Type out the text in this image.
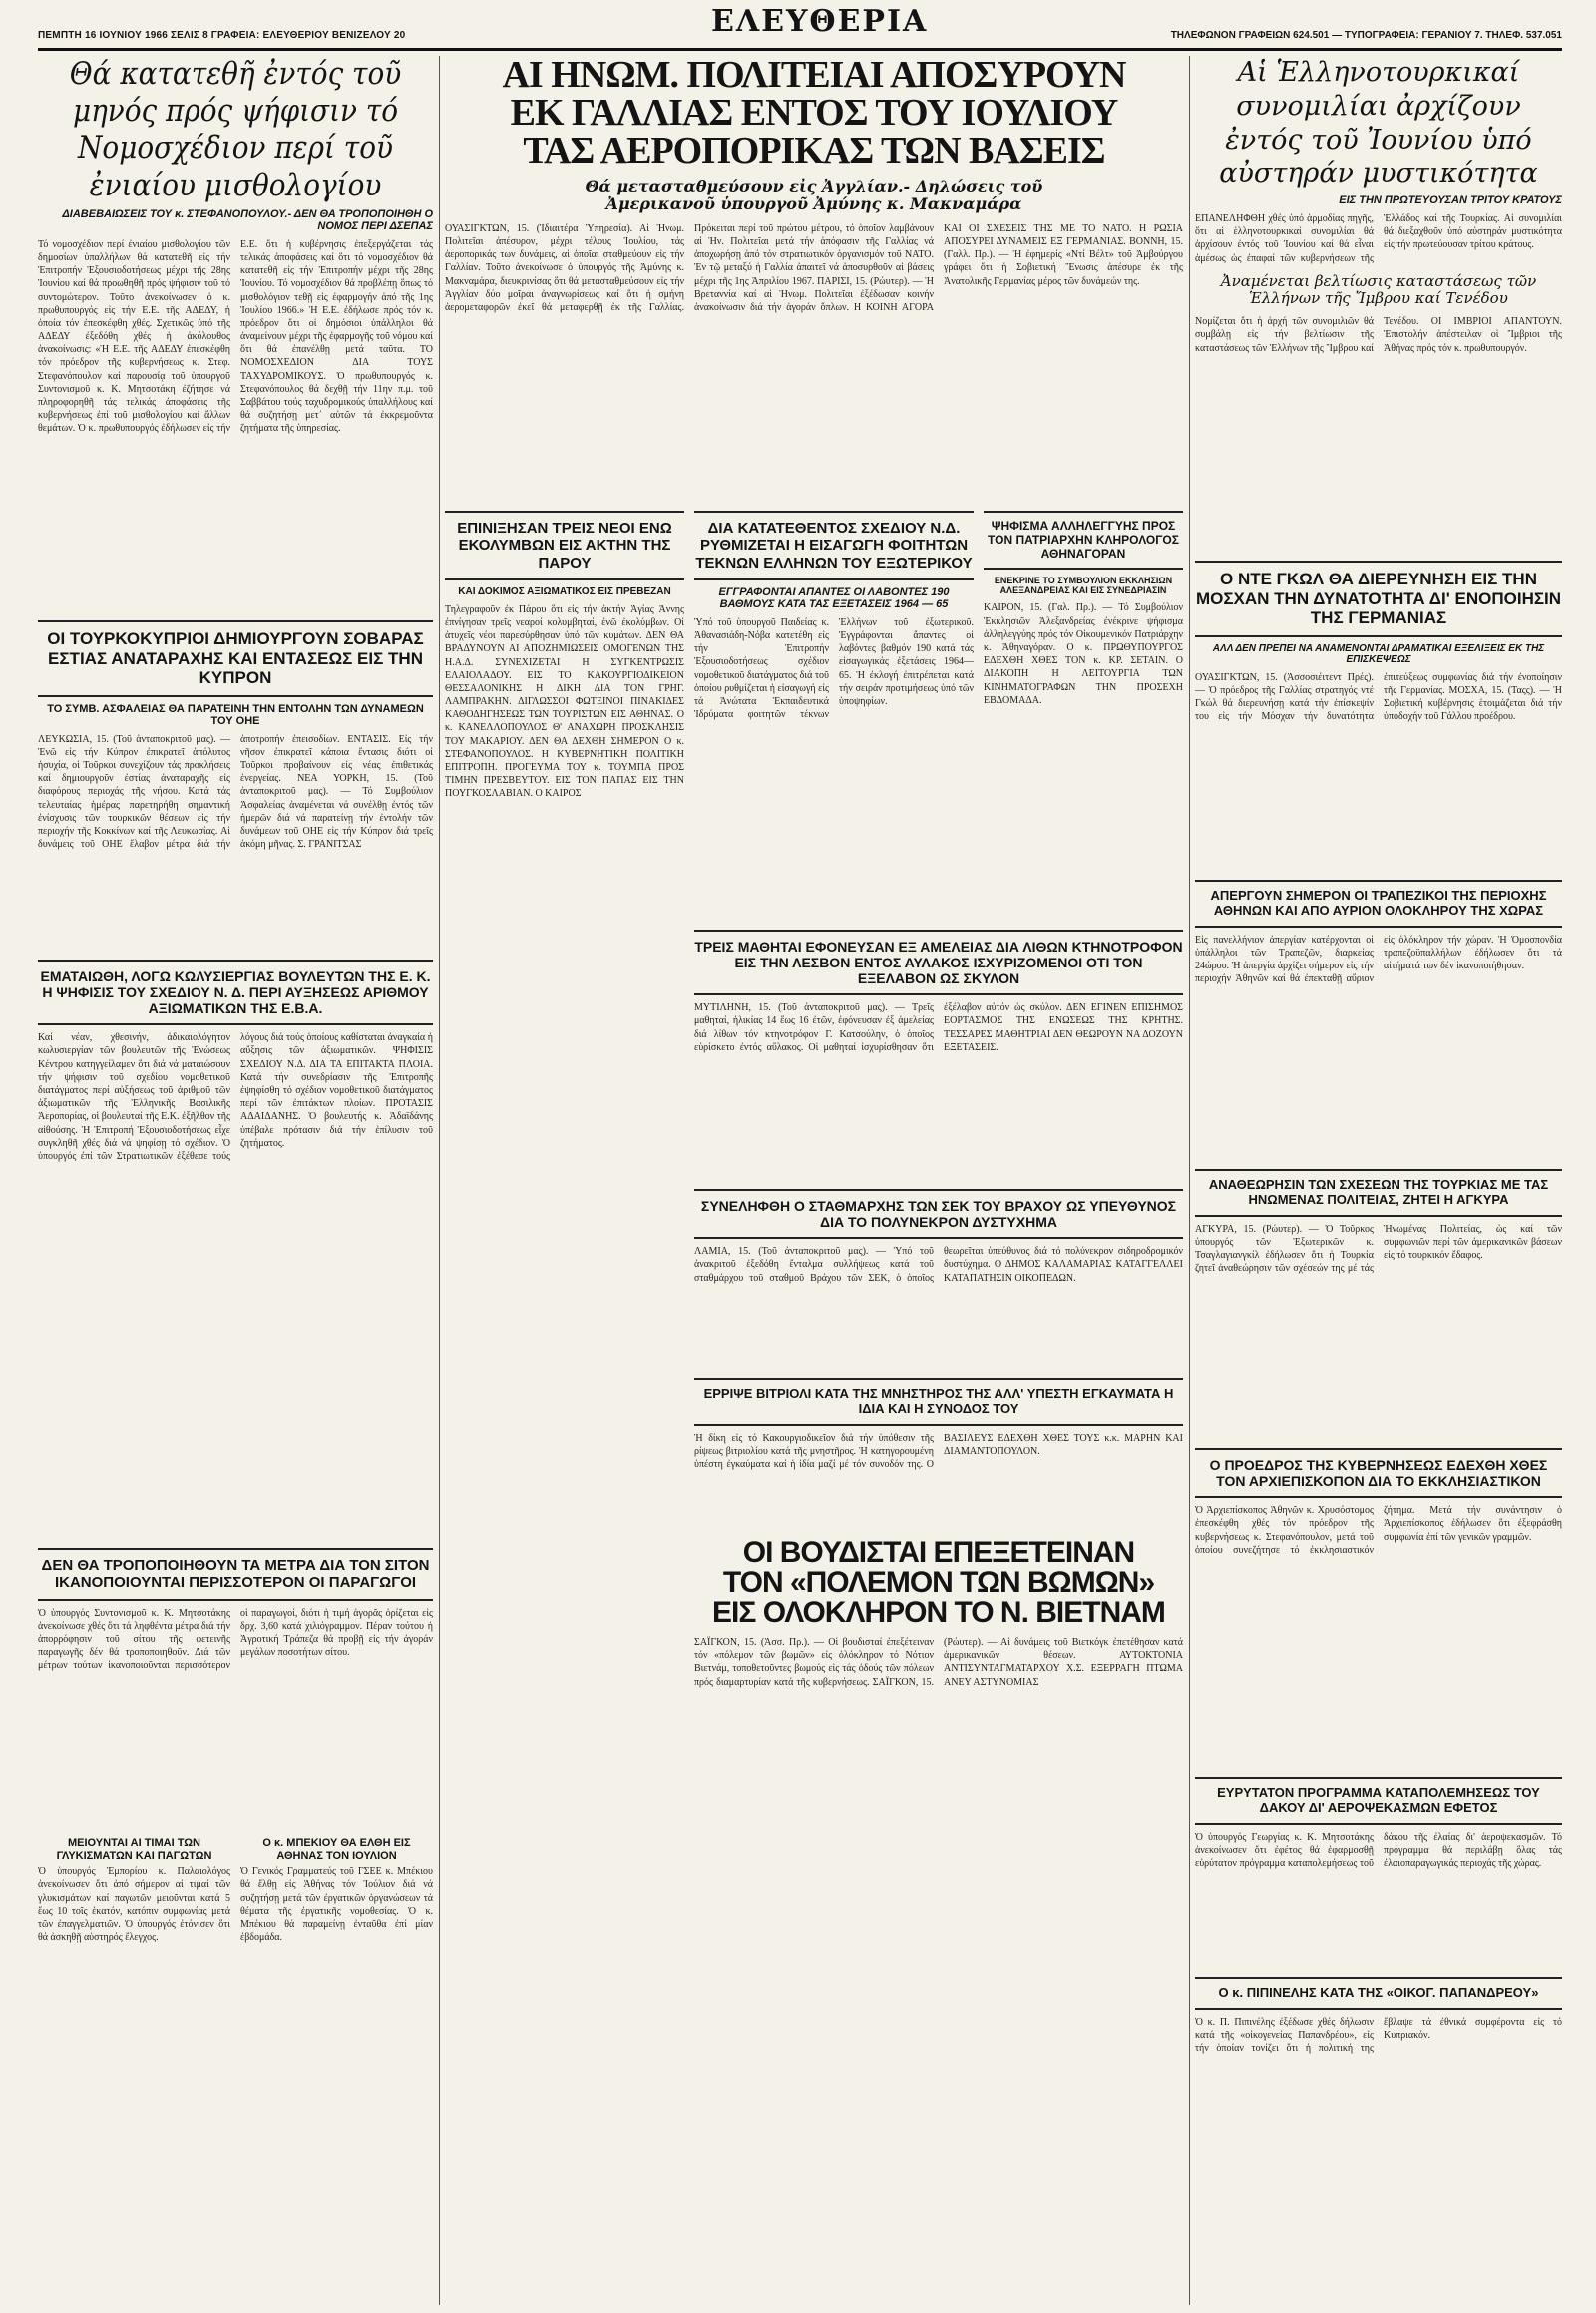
ΠΕΜΠΤΗ 16 ΙΟΥΝΙΟΥ 1966 ΣΕΛΙΣ 8 ΓΡΑΦΕΙΑ: ΕΛΕΥΘΕΡΙΟΥ ΒΕΝΙΖΕΛΟΥ 20	ΕΛΕΥΘΕΡΙΑ	ΤΗΛΕΦΩΝΟΝ ΓΡΑΦΕΙΩΝ 624.501 — ΤΥΠΟΓΡΑΦΕΙΑ: ΓΕΡΑΝΙΟΥ 7. ΤΗΛΕΦ. 537.051
Θά κατατεθῆ ἐντός τοῦ μηνός πρός ψήφισιν τό Νομοσχέδιον περί τοῦ ἐνιαίου μισθολογίου
ΔΙΑΒΕΒΑΙΩΣΕΙΣ ΤΟΥ κ. ΣΤΕΦΑΝΟΠΟΥΛΟΥ.- ΔΕΝ ΘΑ ΤΡΟΠΟΠΟΙΗΘΗ Ο ΝΟΜΟΣ ΠΕΡΙ ΔΣΕΠΑΣ
Τό νομοσχέδιον περί ἐνιαίου μισθολογίου τῶν δημοσίων ὑπαλλήλων θά κατατεθῆ εἰς τήν Ἐπιτροπήν Ἐξουσιοδοτήσεως μέχρι τῆς 28ης Ἰουνίου καί θά προωθηθῆ πρός ψήφισιν τοῦ τό συντομώτερον. Τοῦτο ἀνεκοίνωσεν ὁ κ. πρωθυπουργός εἰς τήν Ε.Ε. τῆς ΑΔΕΔΥ, ἡ ὁποία τόν ἐπεσκέφθη χθές. Σχετικῶς ὑπό τῆς ΑΔΕΔΥ ἐξεδόθη χθές ἡ ἀκόλουθος ἀνακοίνωσις: «Ἡ Ε.Ε. τῆς ΑΔΕΔΥ ἐπεσκέφθη τόν πρόεδρον τῆς κυβερνήσεως κ. Στεφ. Στεφανόπουλον καί παρουσίᾳ τοῦ ὑπουργοῦ Συντονισμοῦ κ. Κ. Μητσοτάκη ἐζήτησε νά πληροφορηθῆ τάς τελικάς ἀποφάσεις τῆς κυβερνήσεως ἐπί τοῦ μισθολογίου καί ἄλλων θεμάτων. Ὁ κ. πρωθυπουργός ἐδήλωσεν εἰς τήν Ε.Ε. ὅτι ἡ κυβέρνησις ἐπεξεργάζεται τάς τελικάς ἀποφάσεις καί ὅτι τό νομοσχέδιον θά κατατεθῆ εἰς τήν Ἐπιτροπήν μέχρι τῆς 28ης Ἰουνίου. Τό νομοσχέδιον θά προβλέπῃ ὅπως τό μισθολόγιον τεθῇ εἰς ἐφαρμογήν ἀπό τῆς 1ης Ἰουλίου 1966.» Ἡ Ε.Ε. ἐδήλωσε πρός τόν κ. πρόεδρον ὅτι οἱ δημόσιοι ὑπάλληλοι θά ἀναμείνουν μέχρι τῆς ἐφαρμογῆς τοῦ νόμου καί ὅτι θά ἐπανέλθῃ μετά ταῦτα. ΤΟ ΝΟΜΟΣΧΕΔΙΟΝ ΔΙΑ ΤΟΥΣ ΤΑΧΥΔΡΟΜΙΚΟΥΣ. Ὁ πρωθυπουργός κ. Στεφανόπουλος θά δεχθῇ τήν 11ην π.μ. τοῦ Σαββάτου τούς ταχυδρομικούς ὑπαλλήλους καί θά συζητήσῃ μετ᾿ αὐτῶν τά ἐκκρεμοῦντα ζητήματα τῆς ὑπηρεσίας.
ΟΙ ΤΟΥΡΚΟΚΥΠΡΙΟΙ ΔΗΜΙΟΥΡΓΟΥΝ ΣΟΒΑΡΑΣ ΕΣΤΙΑΣ ΑΝΑΤΑΡΑΧΗΣ ΚΑΙ ΕΝΤΑΣΕΩΣ ΕΙΣ ΤΗΝ ΚΥΠΡΟΝ
ΤΟ ΣΥΜΒ. ΑΣΦΑΛΕΙΑΣ ΘΑ ΠΑΡΑΤΕΙΝΗ ΤΗΝ ΕΝΤΟΛΗΝ ΤΩΝ ΔΥΝΑΜΕΩΝ ΤΟΥ ΟΗΕ
ΛΕΥΚΩΣΙΑ, 15. (Τοῦ ἀνταποκριτοῦ μας). — Ἐνῶ εἰς τήν Κύπρον ἐπικρατεῖ ἀπόλυτος ἡσυχία, οἱ Τοῦρκοι συνεχίζουν τάς προκλήσεις καί δημιουργοῦν ἐστίας ἀναταραχῆς εἰς διαφόρους περιοχάς τῆς νήσου. Κατά τάς τελευταίας ἡμέρας παρετηρήθη σημαντική ἐνίσχυσις τῶν τουρκικῶν θέσεων εἰς τήν περιοχήν τῆς Κοκκίνων καί τῆς Λευκωσίας. Αἱ δυνάμεις τοῦ ΟΗΕ ἔλαβον μέτρα διά τήν ἀποτροπήν ἐπεισοδίων. ΕΝΤΑΣΙΣ. Εἰς τήν νῆσον ἐπικρατεῖ κάποια ἔντασις διότι οἱ Τοῦρκοι προβαίνουν εἰς νέας ἐπιθετικάς ἐνεργείας. ΝΕΑ ΥΟΡΚΗ, 15. (Τοῦ ἀνταποκριτοῦ μας). — Τό Συμβούλιον Ἀσφαλείας ἀναμένεται νά συνέλθῃ ἐντός τῶν ἡμερῶν διά νά παρατείνῃ τήν ἐντολήν τῶν δυνάμεων τοῦ ΟΗΕ εἰς τήν Κύπρον διά τρεῖς ἀκόμη μῆνας. Σ. ΓΡΑΝΙΤΣΑΣ
ΕΜΑΤΑΙΩΘΗ, ΛΟΓΩ ΚΩΛΥΣΙΕΡΓΙΑΣ ΒΟΥΛΕΥΤΩΝ ΤΗΣ Ε. Κ. Η ΨΗΦΙΣΙΣ ΤΟΥ ΣΧΕΔΙΟΥ Ν. Δ. ΠΕΡΙ ΑΥΞΗΣΕΩΣ ΑΡΙΘΜΟΥ ΑΞΙΩΜΑΤΙΚΩΝ ΤΗΣ Ε.Β.Α.
Καί νέαν, χθεσινήν, ἀδικαιολόγητον κωλυσιεργίαν τῶν βουλευτῶν τῆς Ἐνώσεως Κέντρου κατηγγείλαμεν ὅτι διά νά ματαιώσουν τήν ψήφισιν τοῦ σχεδίου νομοθετικοῦ διατάγματος περί αὐξήσεως τοῦ ἀριθμοῦ τῶν ἀξιωματικῶν τῆς Ἑλληνικῆς Βασιλικῆς Ἀεροπορίας, οἱ βουλευταί τῆς Ε.Κ. ἐξῆλθον τῆς αἰθούσης. Ἡ Ἐπιτροπή Ἐξουσιοδοτήσεως εἶχε συγκληθῆ χθές διά νά ψηφίσῃ τό σχέδιον. Ὁ ὑπουργός ἐπί τῶν Στρατιωτικῶν ἐξέθεσε τούς λόγους διά τούς ὁποίους καθίσταται ἀναγκαία ἡ αὔξησις τῶν ἀξιωματικῶν. ΨΗΦΙΣΙΣ ΣΧΕΔΙΟΥ Ν.Δ. ΔΙΑ ΤΑ ΕΠΙΤΑΚΤΑ ΠΛΟΙΑ. Κατά τήν συνεδρίασιν τῆς Ἐπιτροπῆς ἐψηφίσθη τό σχέδιον νομοθετικοῦ διατάγματος περί τῶν ἐπιτάκτων πλοίων. ΠΡΟΤΑΣΙΣ ΑΔΑΙΔΑΝΗΣ. Ὁ βουλευτής κ. Ἀδαϊδάνης ὑπέβαλε πρότασιν διά τήν ἐπίλυσιν τοῦ ζητήματος.
ΔΕΝ ΘΑ ΤΡΟΠΟΠΟΙΗΘΟΥΝ ΤΑ ΜΕΤΡΑ ΔΙΑ ΤΟΝ ΣΙΤΟΝ ΙΚΑΝΟΠΟΙΟΥΝΤΑΙ ΠΕΡΙΣΣΟΤΕΡΟΝ ΟΙ ΠΑΡΑΓΩΓΟΙ
Ὁ ὑπουργός Συντονισμοῦ κ. Κ. Μητσοτάκης ἀνεκοίνωσε χθές ὅτι τά ληφθέντα μέτρα διά τήν ἀπορρόφησιν τοῦ σίτου τῆς φετεινῆς παραγωγῆς δέν θά τροποποιηθοῦν. Διά τῶν μέτρων τούτων ἱκανοποιοῦνται περισσότερον οἱ παραγωγοί, διότι ἡ τιμή ἀγορᾶς ὁρίζεται εἰς δρχ. 3,60 κατά χιλιόγραμμον. Πέραν τούτου ἡ Ἀγροτική Τράπεζα θά προβῇ εἰς τήν ἀγοράν μεγάλων ποσοτήτων σίτου.
ΜΕΙΟΥΝΤΑΙ ΑΙ ΤΙΜΑΙ ΤΩΝ ΓΛΥΚΙΣΜΑΤΩΝ ΚΑΙ ΠΑΓΩΤΩΝ
Ὁ ὑπουργός Ἐμπορίου κ. Παλαιολόγος ἀνεκοίνωσεν ὅτι ἀπό σήμερον αἱ τιμαί τῶν γλυκισμάτων καί παγωτῶν μειοῦνται κατά 5 ἕως 10 τοῖς ἑκατόν, κατόπιν συμφωνίας μετά τῶν ἐπαγγελματιῶν. Ὁ ὑπουργός ἐτόνισεν ὅτι θά ἀσκηθῇ αὐστηρός ἔλεγχος.
Ο κ. ΜΠΕΚΙΟΥ ΘΑ ΕΛΘΗ ΕΙΣ ΑΘΗΝΑΣ ΤΟΝ ΙΟΥΛΙΟΝ
Ὁ Γενικός Γραμματεύς τοῦ ΓΣΕΕ κ. Μπέκιου θά ἔλθῃ εἰς Ἀθήνας τόν Ἰούλιον διά νά συζητήσῃ μετά τῶν ἐργατικῶν ὀργανώσεων τά θέματα τῆς ἐργατικῆς νομοθεσίας. Ὁ κ. Μπέκιου θά παραμείνῃ ἐνταῦθα ἐπί μίαν ἑβδομάδα.
ΑΙ ΗΝΩΜ. ΠΟΛΙΤΕΙΑΙ ΑΠΟΣΥΡΟΥΝ
ΕΚ ΓΑΛΛΙΑΣ ΕΝΤΟΣ ΤΟΥ ΙΟΥΛΙΟΥ
ΤΑΣ ΑΕΡΟΠΟΡΙΚΑΣ ΤΩΝ ΒΑΣΕΙΣ
Θά μετασταθμεύσουν εἰς Ἀγγλίαν.- Δηλώσεις τοῦ
Ἀμερικανοῦ ὑπουργοῦ Ἀμύνης κ. Μακναμάρα
ΟΥΑΣΙΓΚΤΩΝ, 15. (Ἰδιαιτέρα Ὑπηρεσία). Αἱ Ἡνωμ. Πολιτεῖαι ἀπέσυρον, μέχρι τέλους Ἰουλίου, τάς ἀεροπορικάς των δυνάμεις, αἱ ὁποῖαι σταθμεύουν εἰς τήν Γαλλίαν. Τοῦτο ἀνεκοίνωσε ὁ ὑπουργός τῆς Ἀμύνης κ. Μακναμάρα, διευκρινίσας ὅτι θά μετασταθμεύσουν εἰς τήν Ἀγγλίαν δύο μοῖραι ἀναγνωρίσεως καί ὅτι ἡ σμήνη ἀερομεταφορῶν ἐκεῖ θά μεταφερθῇ ἐκ τῆς Γαλλίας. Πρόκειται περί τοῦ πρώτου μέτρου, τό ὁποῖον λαμβάνουν αἱ Ἡν. Πολιτεῖαι μετά τήν ἀπόφασιν τῆς Γαλλίας νά ἀποχωρήσῃ ἀπό τόν στρατιωτικόν ὀργανισμόν τοῦ ΝΑΤΟ. Ἐν τῷ μεταξύ ἡ Γαλλία ἀπαιτεῖ νά ἀποσυρθοῦν αἱ βάσεις μέχρι τῆς 1ης Ἀπριλίου 1967. ΠΑΡΙΣΙ, 15. (Ρώυτερ). — Ἡ Βρεταννία καί αἱ Ἡνωμ. Πολιτεῖαι ἐξέδωσαν κοινήν ἀνακοίνωσιν διά τήν ἀγοράν ὅπλων. Η ΚΟΙΝΗ ΑΓΟΡΑ ΚΑΙ ΟΙ ΣΧΕΣΕΙΣ ΤΗΣ ΜΕ ΤΟ ΝΑΤΟ. Η ΡΩΣΙΑ ΑΠΟΣΥΡΕΙ ΔΥΝΑΜΕΙΣ ΕΞ ΓΕΡΜΑΝΙΑΣ. ΒΟΝΝΗ, 15. (Γαλλ. Πρ.). — Ἡ ἐφημερίς «Ντί Βέλτ» τοῦ Ἀμβούργου γράφει ὅτι ἡ Σοβιετική Ἕνωσις ἀπέσυρε ἐκ τῆς Ἀνατολικῆς Γερμανίας μέρος τῶν δυνάμεών της.
ΕΠΙΝΙΞΗΣΑΝ ΤΡΕΙΣ ΝΕΟΙ ΕΝΩ ΕΚΟΛΥΜΒΩΝ ΕΙΣ ΑΚΤΗΝ ΤΗΣ ΠΑΡΟΥ
ΚΑΙ ΔΟΚΙΜΟΣ ΑΞΙΩΜΑΤΙΚΟΣ ΕΙΣ ΠΡΕΒΕΖΑΝ
Τηλεγραφοῦν ἐκ Πάρου ὅτι εἰς τήν ἀκτήν Ἁγίας Ἀννης ἐπνίγησαν τρεῖς νεαροί κολυμβηταί, ἐνῶ ἐκολύμβων. Οἱ ἀτυχεῖς νέοι παρεσύρθησαν ὑπό τῶν κυμάτων. ΔΕΝ ΘΑ ΒΡΑΔΥΝΟΥΝ ΑΙ ΑΠΟΖΗΜΙΩΣΕΙΣ ΟΜΟΓΕΝΩΝ ΤΗΣ Η.Α.Δ. ΣΥΝΕΧΙΖΕΤΑΙ Η ΣΥΓΚΕΝΤΡΩΣΙΣ ΕΛΑΙΟΛΑΔΟΥ. ΕΙΣ ΤΟ ΚΑΚΟΥΡΓΙΟΔΙΚΕΙΟΝ ΘΕΣΣΑΛΟΝΙΚΗΣ Η ΔΙΚΗ ΔΙΑ ΤΟΝ ΓΡΗΓ. ΛΑΜΠΡΑΚΗΝ. ΔΙΓΛΩΣΣΟΙ ΦΩΤΕΙΝΟΙ ΠΙΝΑΚΙΔΕΣ ΚΑΘΟΔΗΓΗΣΕΩΣ ΤΩΝ ΤΟΥΡΙΣΤΩΝ ΕΙΣ ΑΘΗΝΑΣ. Ο κ. ΚΑΝΕΛΛΟΠΟΥΛΟΣ Θ' ΑΝΑΧΩΡΗ ΠΡΟΣΚΛΗΣΙΣ ΤΟΥ ΜΑΚΑΡΙΟΥ. ΔΕΝ ΘΑ ΔΕΧΘΗ ΣΗΜΕΡΟΝ Ο κ. ΣΤΕΦΑΝΟΠΟΥΛΟΣ. Η ΚΥΒΕΡΝΗΤΙΚΗ ΠΟΛΙΤΙΚΗ ΕΠΙΤΡΟΠΗ. ΠΡΟΓΕΥΜΑ ΤΟΥ κ. ΤΟΥΜΠΑ ΠΡΟΣ ΤΙΜΗΝ ΠΡΕΣΒΕΥΤΟΥ. ΕΙΣ ΤΟΝ ΠΑΠΑΣ ΕΙΣ ΤΗΝ ΠΟΥΓΚΟΣΛΑΒΙΑΝ. Ο ΚΑΙΡΟΣ
ΔΙΑ ΚΑΤΑΤΕΘΕΝΤΟΣ ΣΧΕΔΙΟΥ Ν.Δ. ΡΥΘΜΙΖΕΤΑΙ Η ΕΙΣΑΓΩΓΗ ΦΟΙΤΗΤΩΝ ΤΕΚΝΩΝ ΕΛΛΗΝΩΝ ΤΟΥ ΕΞΩΤΕΡΙΚΟΥ
ΕΓΓΡΑΦΟΝΤΑΙ ΑΠΑΝΤΕΣ ΟΙ ΛΑΒΟΝΤΕΣ 190 ΒΑΘΜΟΥΣ ΚΑΤΑ ΤΑΣ ΕΞΕΤΑΣΕΙΣ 1964 — 65
Ὑπό τοῦ ὑπουργοῦ Παιδείας κ. Ἀθανασιάδη-Νόβα κατετέθη εἰς τήν Ἐπιτροπήν Ἐξουσιοδοτήσεως σχέδιον νομοθετικοῦ διατάγματος διά τοῦ ὁποίου ρυθμίζεται ἡ εἰσαγωγή εἰς τά Ἀνώτατα Ἐκπαιδευτικά Ἱδρύματα φοιτητῶν τέκνων Ἑλλήνων τοῦ ἐξωτερικοῦ. Ἐγγράφονται ἅπαντες οἱ λαβόντες βαθμόν 190 κατά τάς εἰσαγωγικάς ἐξετάσεις 1964—65. Ἡ ἐκλογή ἐπιτρέπεται κατά τήν σειράν προτιμήσεως ὑπό τῶν ὑποψηφίων.
ΨΗΦΙΣΜΑ ΑΛΛΗΛΕΓΓΥΗΣ ΠΡΟΣ ΤΟΝ ΠΑΤΡΙΑΡΧΗΝ ΚΛΗΡΟΛΟΓΟΣ ΑΘΗΝΑΓΟΡΑΝ
ΕΝΕΚΡΙΝΕ ΤΟ ΣΥΜΒΟΥΛΙΟΝ ΕΚΚΛΗΣΙΩΝ ΑΛΕΞΑΝΔΡΕΙΑΣ ΚΑΙ ΕΙΣ ΣΥΝΕΔΡΙΑΣΙΝ
ΚΑΙΡΟΝ, 15. (Γαλ. Πρ.). — Τό Συμβούλιον Ἐκκλησιῶν Ἀλεξανδρείας ἐνέκρινε ψήφισμα ἀλληλεγγύης πρός τόν Οἰκουμενικόν Πατριάρχην κ. Ἀθηναγόραν. Ο κ. ΠΡΩΘΥΠΟΥΡΓΟΣ ΕΔΕΧΘΗ ΧΘΕΣ ΤΟΝ κ. ΚΡ. ΣΕΤΑΙΝ. Ο ΔΙΑΚΟΠΗ Η ΛΕΙΤΟΥΡΓΙΑ ΤΩΝ ΚΙΝΗΜΑΤΟΓΡΑΦΩΝ ΤΗΝ ΠΡΟΣΕΧΗ ΕΒΔΟΜΑΔΑ.
ΤΡΕΙΣ ΜΑΘΗΤΑΙ ΕΦΟΝΕΥΣΑΝ ΕΞ ΑΜΕΛΕΙΑΣ ΔΙΑ ΛΙΘΩΝ ΚΤΗΝΟΤΡΟΦΟΝ ΕΙΣ ΤΗΝ ΛΕΣΒΟΝ ΕΝΤΟΣ ΑΥΛΑΚΟΣ ΙΣΧΥΡΙΖΟΜΕΝΟΙ ΟΤΙ ΤΟΝ ΕΞΕΛΑΒΟΝ ΩΣ ΣΚΥΛΟΝ
ΜΥΤΙΛΗΝΗ, 15. (Τοῦ ἀνταποκριτοῦ μας). — Τρεῖς μαθηταί, ἡλικίας 14 ἕως 16 ἐτῶν, ἐφόνευσαν ἐξ ἀμελείας διά λίθων τόν κτηνοτρόφον Γ. Κατσούλην, ὁ ὁποῖος εὑρίσκετο ἐντός αὔλακος. Οἱ μαθηταί ἰσχυρίσθησαν ὅτι ἐξέλαβον αὐτόν ὡς σκύλον. ΔΕΝ ΕΓΙΝΕΝ ΕΠΙΣΗΜΟΣ ΕΟΡΤΑΣΜΟΣ ΤΗΣ ΕΝΩΣΕΩΣ ΤΗΣ ΚΡΗΤΗΣ. ΤΕΣΣΑΡΕΣ ΜΑΘΗΤΡΙΑΙ ΔΕΝ ΘΕΩΡΟΥΝ ΝΑ ΔΟΖΟΥΝ ΕΞΕΤΑΣΕΙΣ.
ΣΥΝΕΛΗΦΘΗ Ο ΣΤΑΘΜΑΡΧΗΣ ΤΩΝ ΣΕΚ ΤΟΥ ΒΡΑΧΟΥ ΩΣ ΥΠΕΥΘΥΝΟΣ ΔΙΑ ΤΟ ΠΟΛΥΝΕΚΡΟΝ ΔΥΣΤΥΧΗΜΑ
ΛΑΜΙΑ, 15. (Τοῦ ἀνταποκριτοῦ μας). — Ὑπό τοῦ ἀνακριτοῦ ἐξεδόθη ἔνταλμα συλλήψεως κατά τοῦ σταθμάρχου τοῦ σταθμοῦ Βράχου τῶν ΣΕΚ, ὁ ὁποῖος θεωρεῖται ὑπεύθυνος διά τό πολύνεκρον σιδηροδρομικόν δυστύχημα. Ο ΔΗΜΟΣ ΚΑΛΑΜΑΡΙΑΣ ΚΑΤΑΓΓΕΛΛΕΙ ΚΑΤΑΠΑΤΗΣΙΝ ΟΙΚΟΠΕΔΩΝ.
ΕΡΡΙΨΕ ΒΙΤΡΙΟΛΙ ΚΑΤΑ ΤΗΣ ΜΝΗΣΤΗΡΟΣ ΤΗΣ ΑΛΛ' ΥΠΕΣΤΗ ΕΓΚΑΥΜΑΤΑ Η ΙΔΙΑ ΚΑΙ Η ΣΥΝΟΔΟΣ ΤΟΥ
Ἡ δίκη εἰς τό Κακουργιοδικεῖον διά τήν ὑπόθεσιν τῆς ρίψεως βιτριολίου κατά τῆς μνηστῆρος. Ἡ κατηγορουμένη ὑπέστη ἐγκαύματα καί ἡ ἰδία μαζί μέ τόν συνοδόν της. Ο ΒΑΣΙΛΕΥΣ ΕΔΕΧΘΗ ΧΘΕΣ ΤΟΥΣ κ.κ. ΜΑΡΗΝ ΚΑΙ ΔΙΑΜΑΝΤΟΠΟΥΛΟΝ.
ΟΙ ΒΟΥΔΙΣΤΑΙ ΕΠΕΞΕΤΕΙΝΑΝ
ΤΟΝ «ΠΟΛΕΜΟΝ ΤΩΝ ΒΩΜΩΝ»
ΕΙΣ ΟΛΟΚΛΗΡΟΝ ΤΟ Ν. ΒΙΕΤΝΑΜ
ΣΑΪΓΚΟΝ, 15. (Ἀσσ. Πρ.). — Οἱ βουδισταί ἐπεξέτειναν τόν «πόλεμον τῶν βωμῶν» εἰς ὁλόκληρον τό Νότιον Βιετνάμ, τοποθετοῦντες βωμούς εἰς τάς ὁδούς τῶν πόλεων πρός διαμαρτυρίαν κατά τῆς κυβερνήσεως. ΣΑΪΓΚΟΝ, 15. (Ρώυτερ). — Αἱ δυνάμεις τοῦ Βιετκόγκ ἐπετέθησαν κατά ἀμερικανικῶν θέσεων. ΑΥΤΟΚΤΟΝΙΑ ΑΝΤΙΣΥΝΤΑΓΜΑΤΑΡΧΟΥ Χ.Σ. ΕΞΕΡΡΑΓΗ ΠΤΩΜΑ ΑΝΕΥ ΑΣΤΥΝΟΜΙΑΣ
Αἱ Ἑλληνοτουρκικαί συνομιλίαι ἀρχίζουν ἐντός τοῦ Ἰουνίου ὑπό αὐστηράν μυστικότητα
ΕΙΣ ΤΗΝ ΠΡΩΤΕΥΟΥΣΑΝ ΤΡΙΤΟΥ ΚΡΑΤΟΥΣ
ΕΠΑΝΕΛΗΦΘΗ χθές ὑπό ἁρμοδίας πηγῆς, ὅτι αἱ ἑλληνοτουρκικαί συνομιλίαι θά ἀρχίσουν ἐντός τοῦ Ἰουνίου καί θά εἶναι ἀμέσως ὡς ἐπαφαί τῶν κυβερνήσεων τῆς Ἑλλάδος καί τῆς Τουρκίας. Αἱ συνομιλίαι θά διεξαχθοῦν ὑπό αὐστηράν μυστικότητα εἰς τήν πρωτεύουσαν τρίτου κράτους.
Ἀναμένεται βελτίωσις καταστάσεως τῶν Ἑλλήνων τῆς Ἴμβρου καί Τενέδου
Νομίζεται ὅτι ἡ ἀρχή τῶν συνομιλιῶν θά συμβάλῃ εἰς τήν βελτίωσιν τῆς καταστάσεως τῶν Ἑλλήνων τῆς Ἴμβρου καί Τενέδου. ΟΙ ΙΜΒΡΙΟΙ ΑΠΑΝΤΟΥΝ. Ἐπιστολήν ἀπέστειλαν οἱ Ἴμβριοι τῆς Ἀθήνας πρός τόν κ. πρωθυπουργόν.
Ο ΝΤΕ ΓΚΩΛ ΘΑ ΔΙΕΡΕΥΝΗΣΗ ΕΙΣ ΤΗΝ ΜΟΣΧΑΝ ΤΗΝ ΔΥΝΑΤΟΤΗΤΑ ΔΙ' ΕΝΟΠΟΙΗΣΙΝ ΤΗΣ ΓΕΡΜΑΝΙΑΣ
ΑΛΛ ΔΕΝ ΠΡΕΠΕΙ ΝΑ ΑΝΑΜΕΝΟΝΤΑΙ ΔΡΑΜΑΤΙΚΑΙ ΕΞΕΛΙΞΕΙΣ ΕΚ ΤΗΣ ΕΠΙΣΚΕΨΕΩΣ
ΟΥΑΣΙΓΚΤΩΝ, 15. (Ἀσσοσιέιτεντ Πρές). — Ὁ πρόεδρος τῆς Γαλλίας στρατηγός ντέ Γκώλ θά διερευνήσῃ κατά τήν ἐπίσκεψίν του εἰς τήν Μόσχαν τήν δυνατότητα ἐπιτεύξεως συμφωνίας διά τήν ἐνοποίησιν τῆς Γερμανίας. ΜΟΣΧΑ, 15. (Ταςς). — Ἡ Σοβιετική κυβέρνησις ἑτοιμάζεται διά τήν ὑποδοχήν τοῦ Γάλλου προέδρου.
ΑΠΕΡΓΟΥΝ ΣΗΜΕΡΟΝ ΟΙ ΤΡΑΠΕΖΙΚΟΙ ΤΗΣ ΠΕΡΙΟΧΗΣ ΑΘΗΝΩΝ ΚΑΙ ΑΠΟ ΑΥΡΙΟΝ ΟΛΟΚΛΗΡΟΥ ΤΗΣ ΧΩΡΑΣ
Εἰς πανελλήνιον ἀπεργίαν κατέρχονται οἱ ὑπάλληλοι τῶν Τραπεζῶν, διαρκείας 24ώρου. Ἡ ἀπεργία ἀρχίζει σήμερον εἰς τήν περιοχήν Ἀθηνῶν καί θά ἐπεκταθῇ αὔριον εἰς ὁλόκληρον τήν χώραν. Ἡ Ὁμοσπονδία τραπεζοϋπαλλήλων ἐδήλωσεν ὅτι τά αἰτήματά των δέν ἱκανοποιήθησαν.
ΑΝΑΘΕΩΡΗΣΙΝ ΤΩΝ ΣΧΕΣΕΩΝ ΤΗΣ ΤΟΥΡΚΙΑΣ ΜΕ ΤΑΣ ΗΝΩΜΕΝΑΣ ΠΟΛΙΤΕΙΑΣ, ΖΗΤΕΙ Η ΑΓΚΥΡΑ
ΑΓΚΥΡΑ, 15. (Ρώυτερ). — Ὁ Τοῦρκος ὑπουργός τῶν Ἐξωτερικῶν κ. Τσαγλαγιανγκίλ ἐδήλωσεν ὅτι ἡ Τουρκία ζητεῖ ἀναθεώρησιν τῶν σχέσεών της μέ τάς Ἡνωμένας Πολιτείας, ὡς καί τῶν συμφωνιῶν περί τῶν ἀμερικανικῶν βάσεων εἰς τό τουρκικόν ἔδαφος.
Ο ΠΡΟΕΔΡΟΣ ΤΗΣ ΚΥΒΕΡΝΗΣΕΩΣ ΕΔΕΧΘΗ ΧΘΕΣ ΤΟΝ ΑΡΧΙΕΠΙΣΚΟΠΟΝ ΔΙΑ ΤΟ ΕΚΚΛΗΣΙΑΣΤΙΚΟΝ
Ὁ Ἀρχιεπίσκοπος Ἀθηνῶν κ. Χρυσόστομος ἐπεσκέφθη χθές τόν πρόεδρον τῆς κυβερνήσεως κ. Στεφανόπουλον, μετά τοῦ ὁποίου συνεζήτησε τό ἐκκλησιαστικόν ζήτημα. Μετά τήν συνάντησιν ὁ Ἀρχιεπίσκοπος ἐδήλωσεν ὅτι ἐξεφράσθη συμφωνία ἐπί τῶν γενικῶν γραμμῶν.
ΕΥΡΥΤΑΤΟΝ ΠΡΟΓΡΑΜΜΑ ΚΑΤΑΠΟΛΕΜΗΣΕΩΣ ΤΟΥ ΔΑΚΟΥ ΔΙ' ΑΕΡΟΨΕΚΑΣΜΩΝ ΕΦΕΤΟΣ
Ὁ ὑπουργός Γεωργίας κ. Κ. Μητσοτάκης ἀνεκοίνωσεν ὅτι ἐφέτος θά ἐφαρμοσθῇ εὐρύτατον πρόγραμμα καταπολεμήσεως τοῦ δάκου τῆς ἐλαίας δι' ἀεροψεκασμῶν. Τό πρόγραμμα θά περιλάβῃ ὅλας τάς ἐλαιοπαραγωγικάς περιοχάς τῆς χώρας.
Ο κ. ΠΙΠΙΝΕΛΗΣ ΚΑΤΑ ΤΗΣ «ΟΙΚΟΓ. ΠΑΠΑΝΔΡΕΟΥ»
Ὁ κ. Π. Πιπινέλης ἐξέδωσε χθές δήλωσιν κατά τῆς «οἰκογενείας Παπανδρέου», εἰς τήν ὁποίαν τονίζει ὅτι ἡ πολιτική της ἔβλαψε τά ἐθνικά συμφέροντα εἰς τό Κυπριακόν.
